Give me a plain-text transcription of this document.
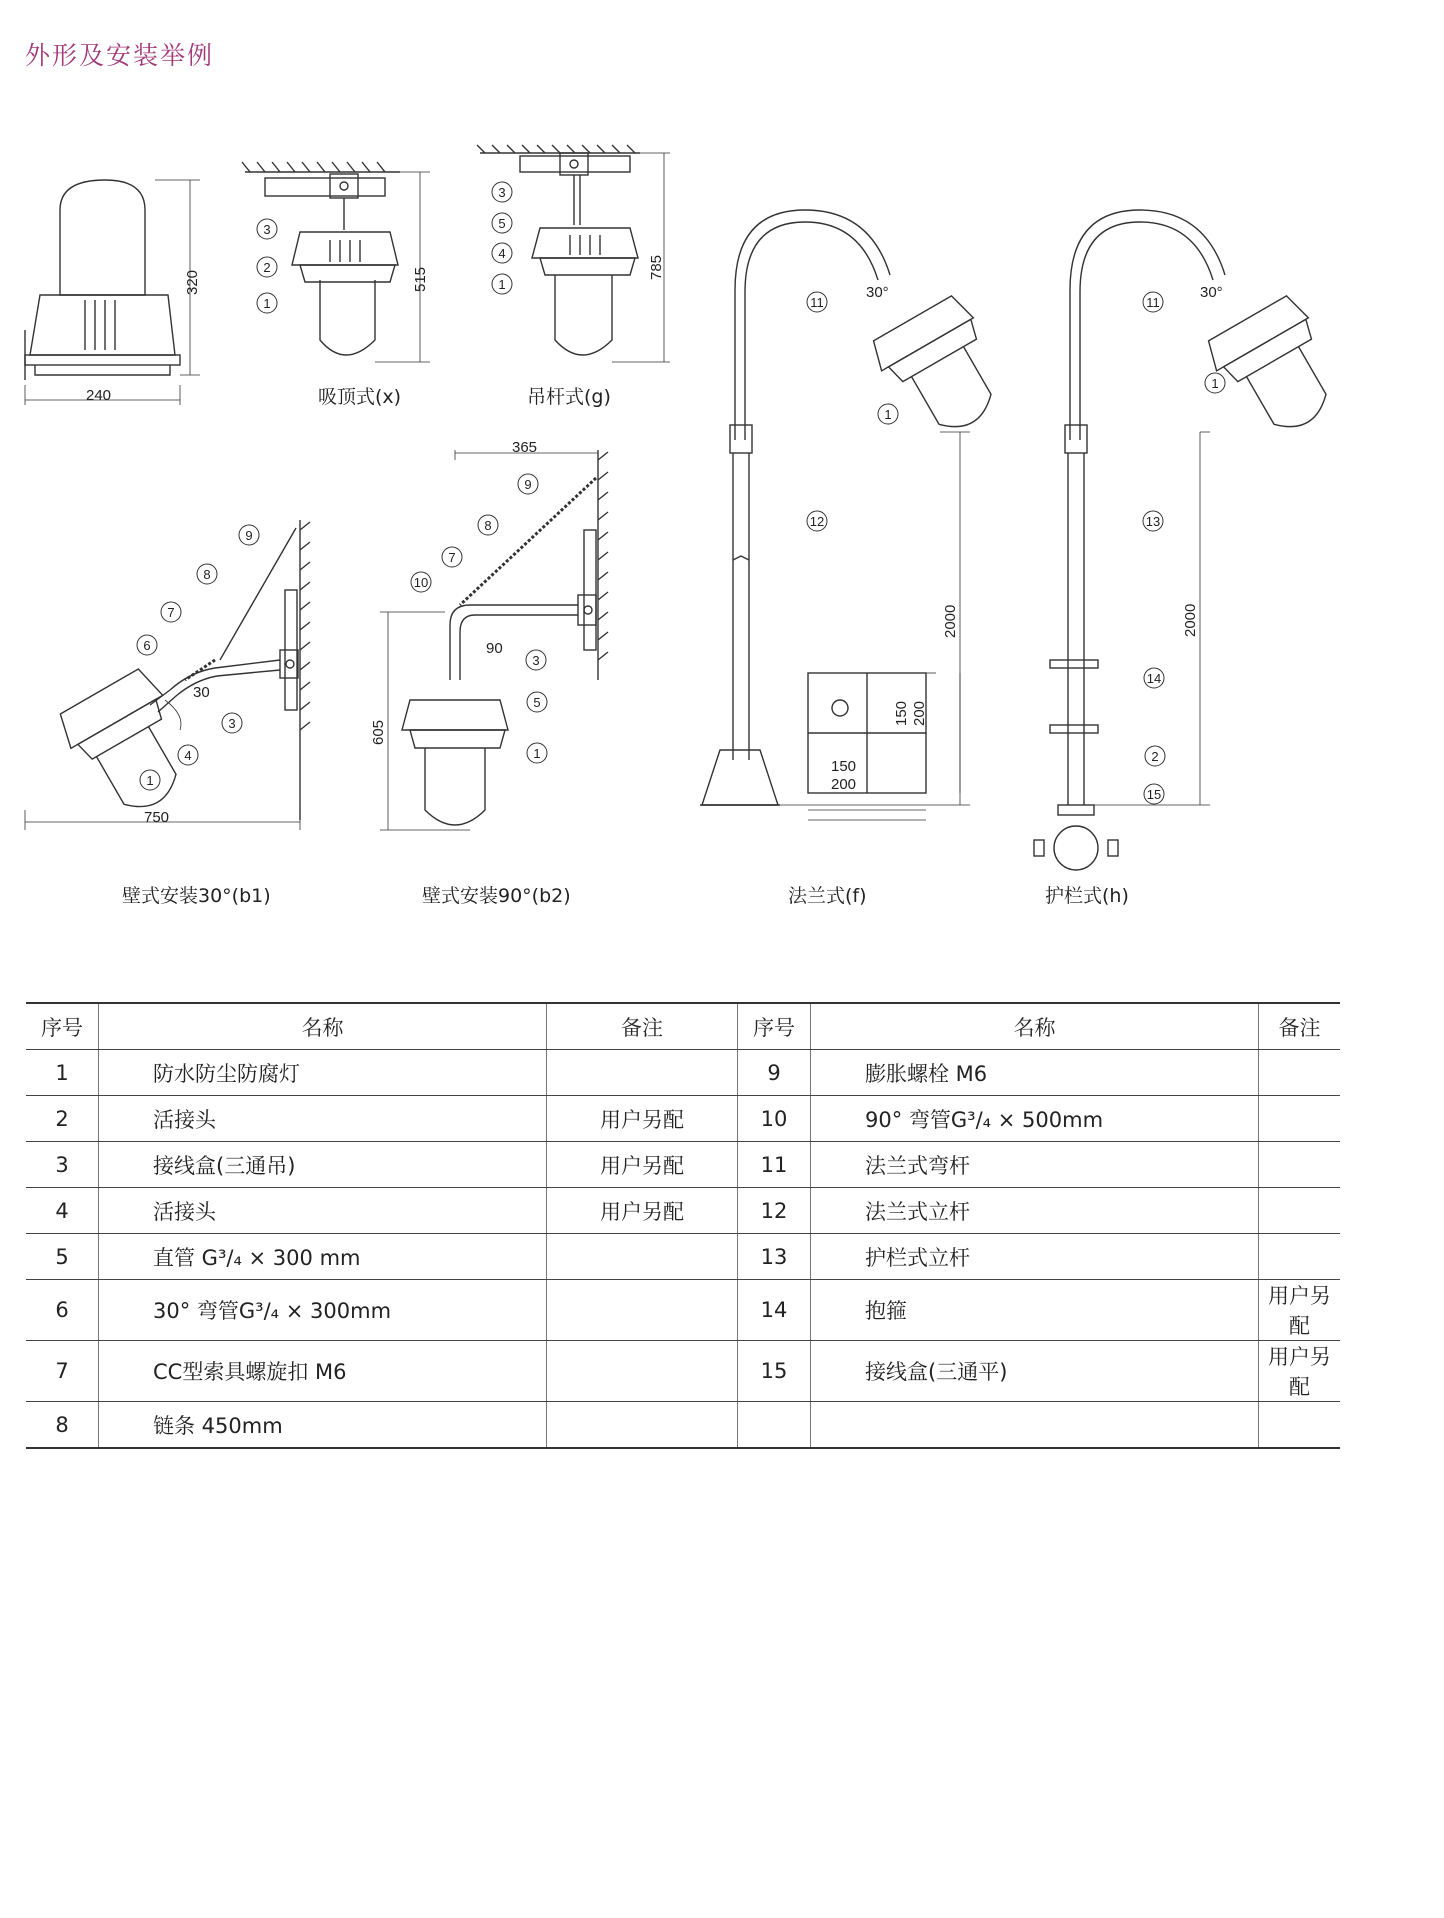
外形及安装举例
3
2
1
3
5
4
1
9
8
7
6
3
4
1
9
8
7
10
3
5
1
11
1
12
11
1
13
14
2
15
320
240
515	785
750
30
365
605
90
30°
2000
30°
2000
150 200
150
200
吸顶式(x)	吊杆式(g)
壁式安装30°(b1)	壁式安装90°(b2)	法兰式(f)	护栏式(h)
序号	名称	备注	序号	名称	备注
1	防水防尘防腐灯		9	膨胀螺栓 M6	
2	活接头	用户另配	10	90° 弯管G³/₄ × 500mm	
3	接线盒(三通吊)	用户另配	11	法兰式弯杆	
4	活接头	用户另配	12	法兰式立杆	
5	直管 G³/₄ × 300 mm		13	护栏式立杆	
6	30° 弯管G³/₄ × 300mm		14	抱箍	用户另配
7	CC型索具螺旋扣 M6		15	接线盒(三通平)	用户另配
8	链条 450mm				
